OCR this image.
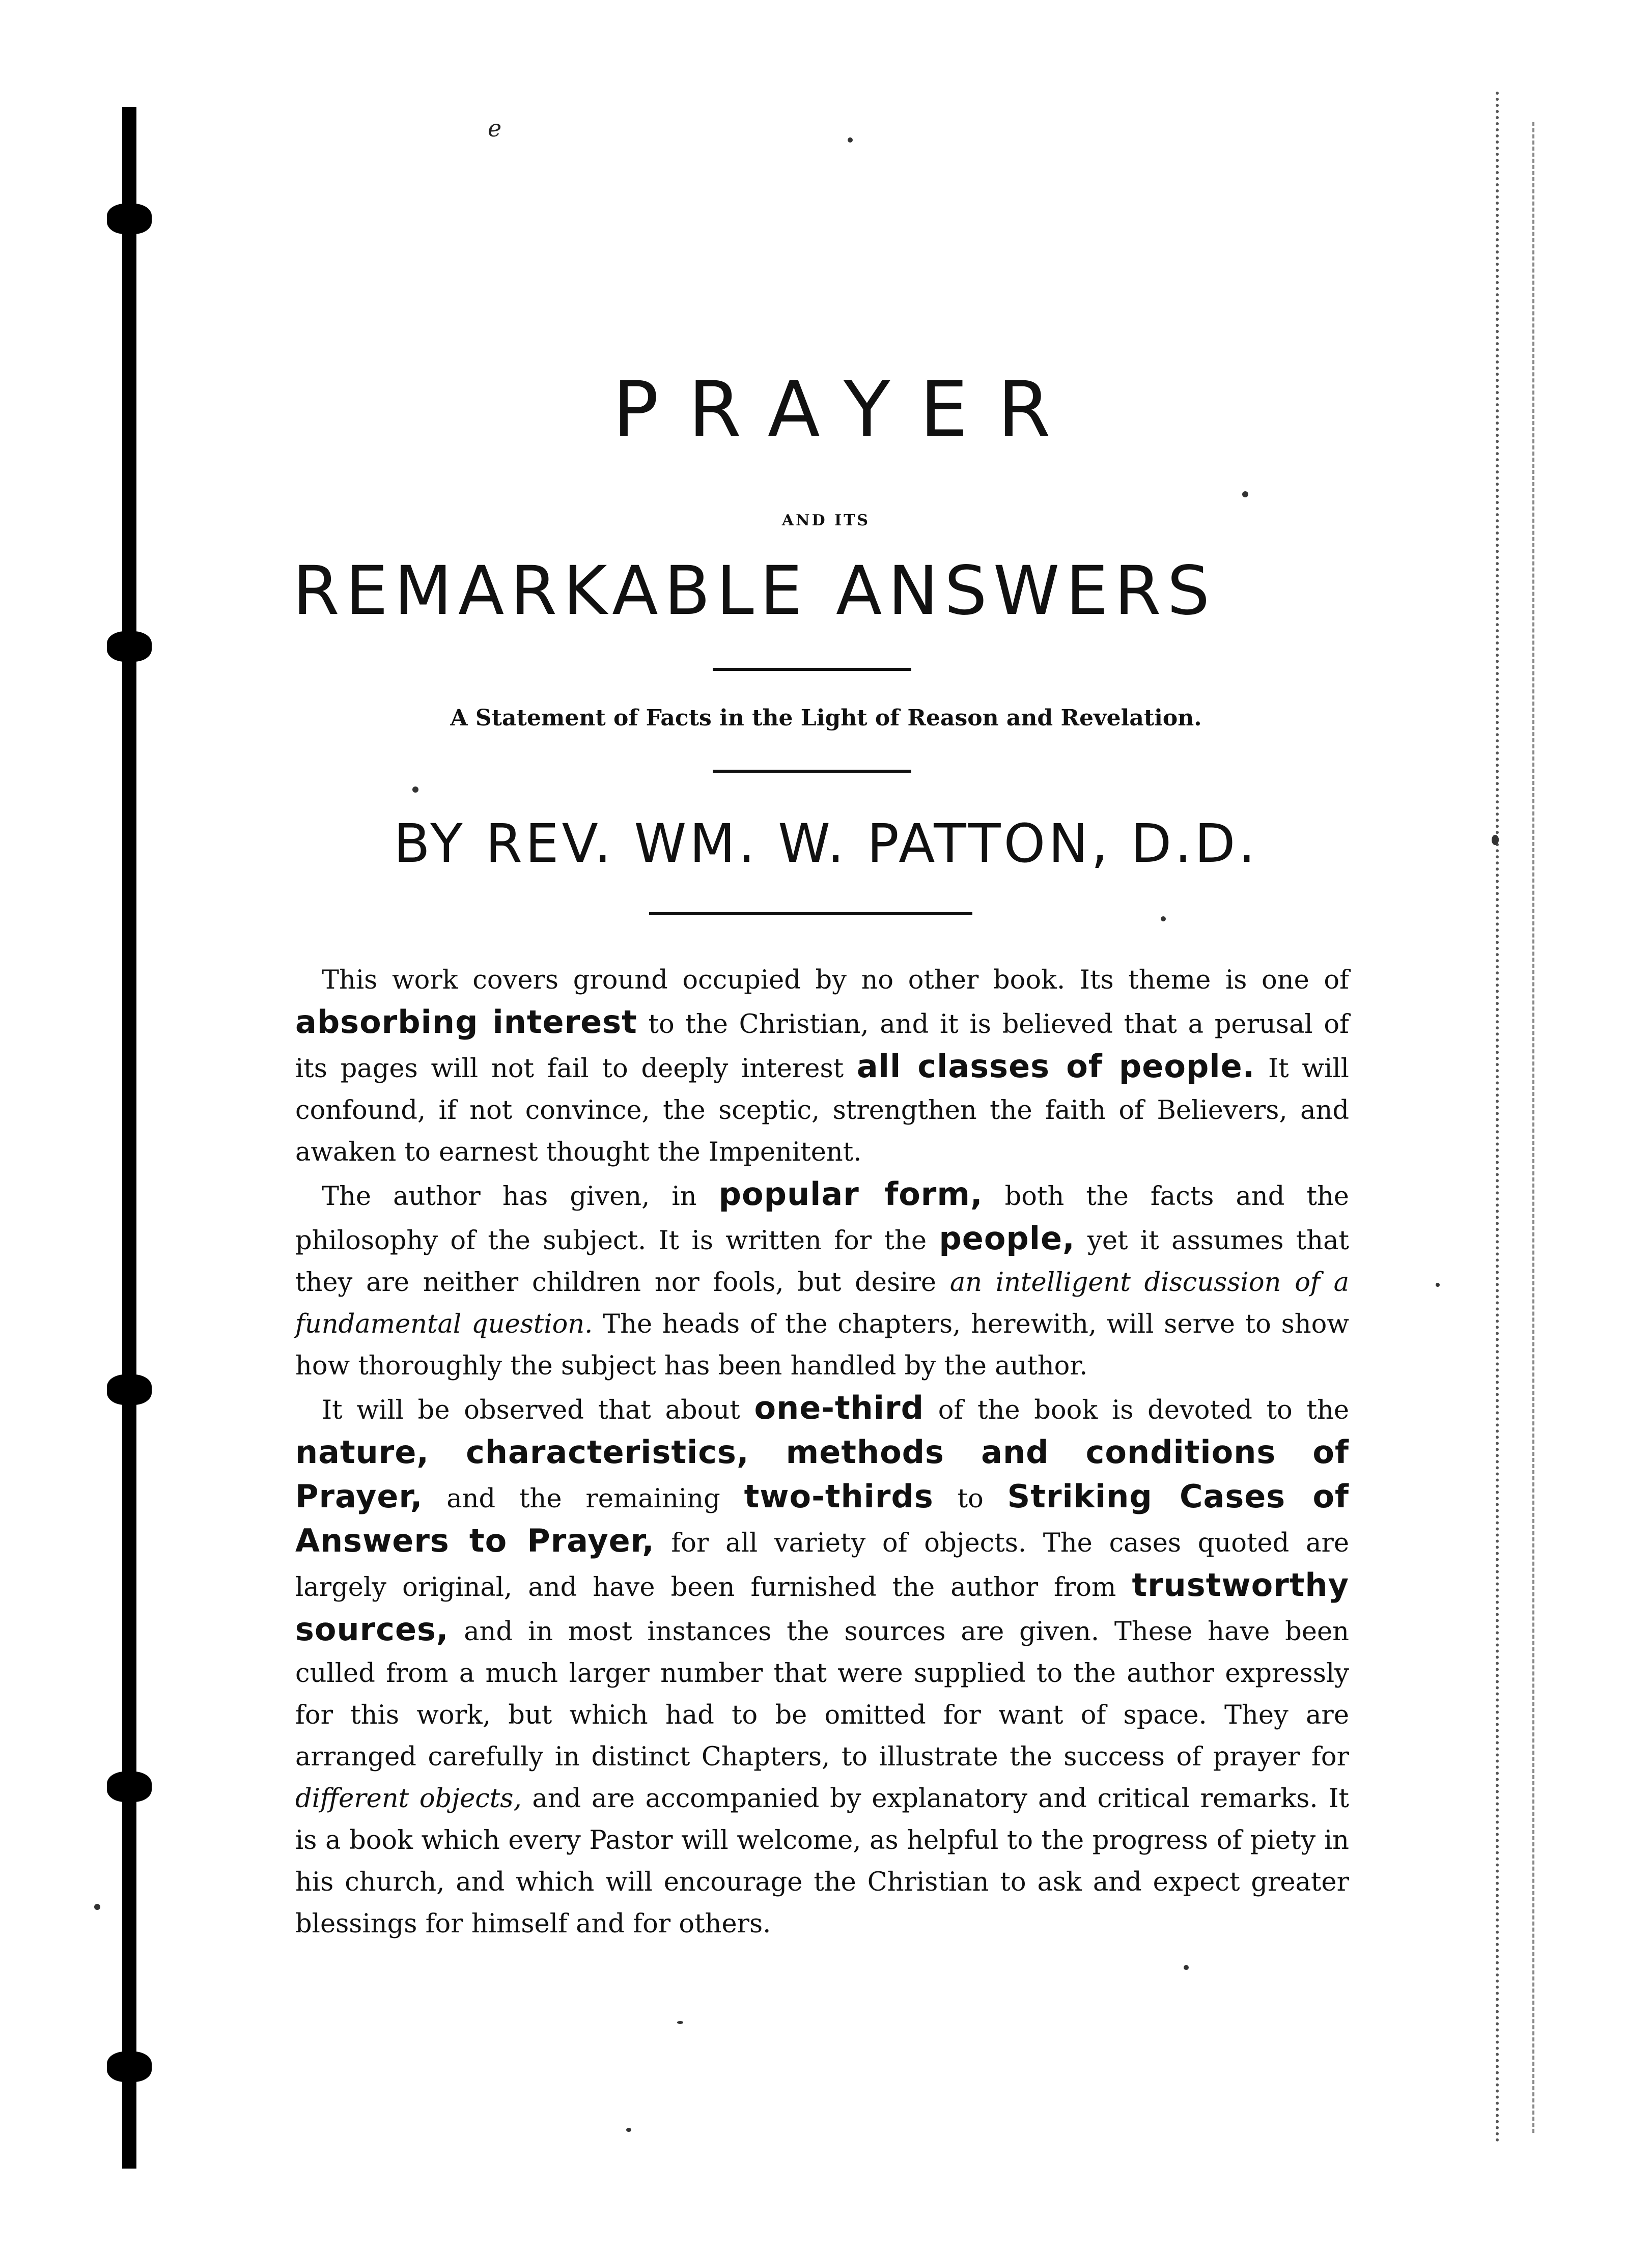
e
PRAYER
AND ITS
REMARKABLE ANSWERS
A Statement of Facts in the Light of Reason and Revelation.
BY REV. WM. W. PATTON, D.D.

This work covers ground occupied by no other book. Its theme is one of absorbing interest to the Christian, and it is believed that a perusal of its pages will not fail to deeply interest all classes of people. It will confound, if not convince, the sceptic, strengthen the faith of Believers, and awaken to earnest thought the Impenitent.

The author has given, in popular form, both the facts and the philosophy of the subject. It is written for the people, yet it assumes that they are neither children nor fools, but desire an intelligent discussion of a fundamental question. The heads of the chapters, herewith, will serve to show how thoroughly the subject has been handled by the author.

It will be observed that about one-third of the book is devoted to the nature, characteristics, methods and conditions of Prayer, and the remaining two-thirds to Striking Cases of Answers to Prayer, for all variety of objects. The cases quoted are largely original, and have been furnished the author from trustworthy sources, and in most instances the sources are given. These have been culled from a much larger number that were supplied to the author expressly for this work, but which had to be omitted for want of space. They are arranged carefully in distinct Chapters, to illustrate the success of prayer for different objects, and are accompanied by explanatory and critical remarks. It is a book which every Pastor will welcome, as helpful to the progress of piety in his church, and which will encourage the Christian to ask and expect greater blessings for himself and for others.
